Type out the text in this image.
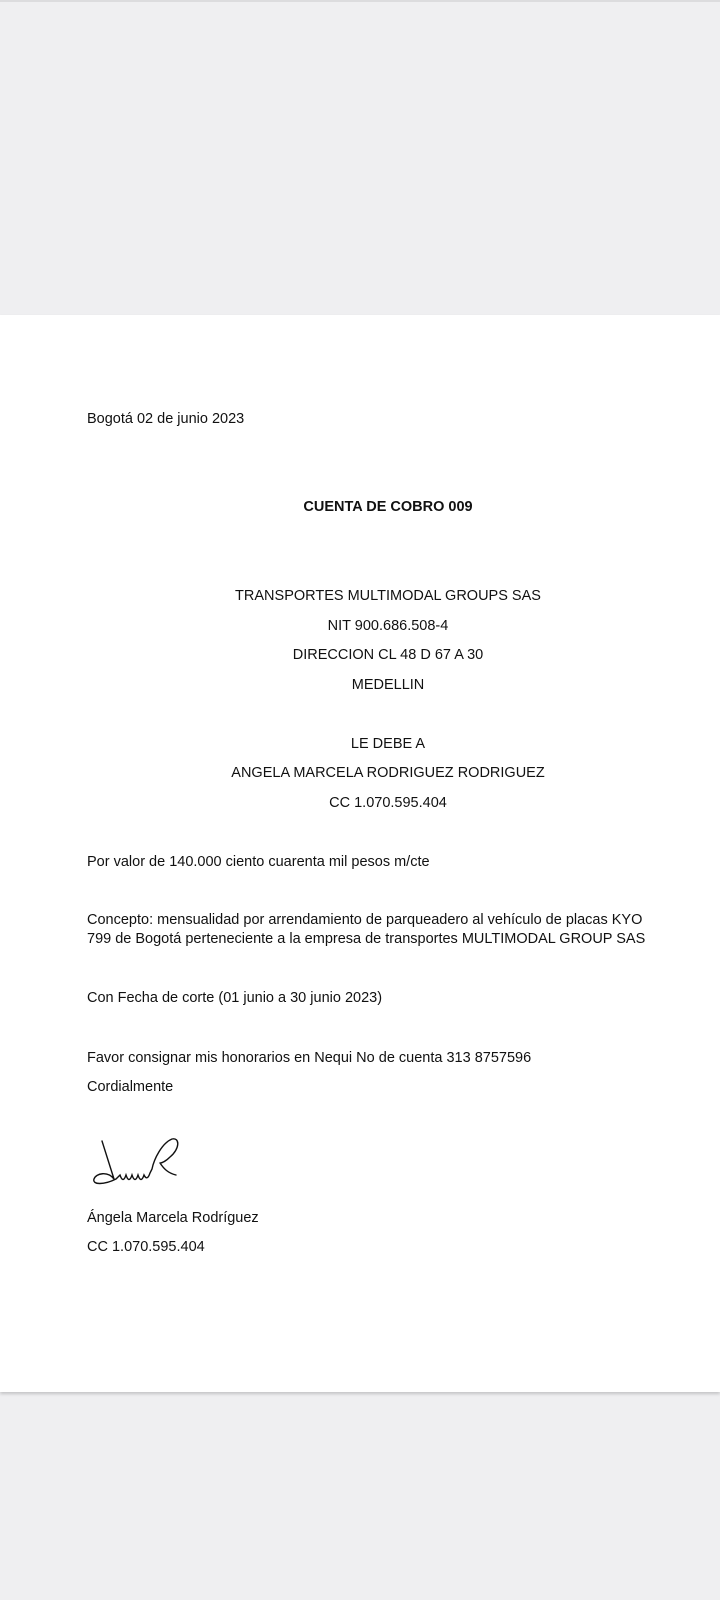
Bogotá 02 de junio 2023
CUENTA DE COBRO 009
TRANSPORTES MULTIMODAL GROUPS SAS
NIT 900.686.508-4
DIRECCION CL 48 D 67 A 30
MEDELLIN
LE DEBE A
ANGELA MARCELA RODRIGUEZ RODRIGUEZ
CC 1.070.595.404
Por valor de 140.000 ciento cuarenta mil pesos m/cte
Concepto: mensualidad por arrendamiento de parqueadero al vehículo de placas KYO
799 de Bogotá perteneciente a la empresa de transportes MULTIMODAL GROUP SAS
Con Fecha de corte (01 junio a 30 junio 2023)
Favor consignar mis honorarios en Nequi No de cuenta 313 8757596
Cordialmente
Ángela Marcela Rodríguez
CC 1.070.595.404
